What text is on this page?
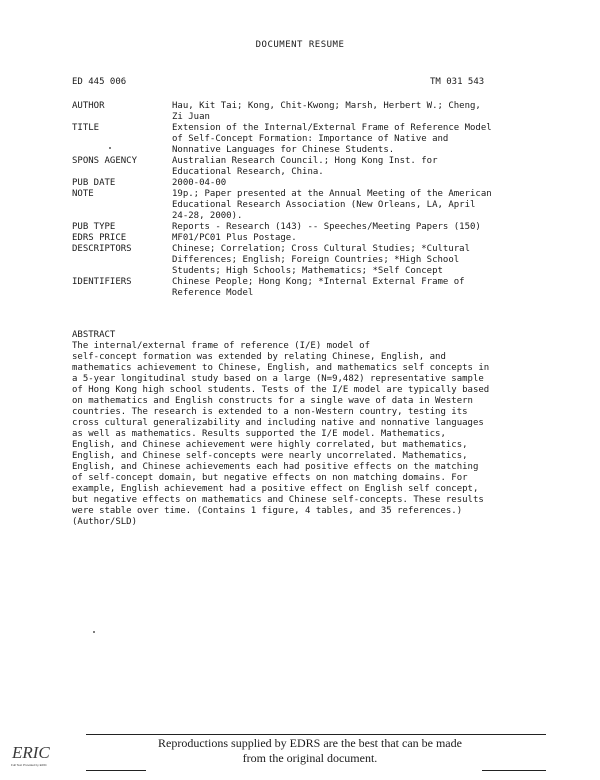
DOCUMENT RESUME
ED 445 006	TM 031 543
AUTHOR	Hau, Kit Tai; Kong, Chit-Kwong; Marsh, Herbert W.; Cheng,
Zi Juan
TITLE	Extension of the Internal/External Frame of Reference Model
of Self-Concept Formation: Importance of Native and
Nonnative Languages for Chinese Students.
SPONS AGENCY	Australian Research Council.; Hong Kong Inst. for
Educational Research, China.
PUB DATE	2000-04-00
NOTE	19p.; Paper presented at the Annual Meeting of the American
Educational Research Association (New Orleans, LA, April
24-28, 2000).
PUB TYPE	Reports - Research (143) -- Speeches/Meeting Papers (150)
EDRS PRICE	MF01/PC01 Plus Postage.
DESCRIPTORS	Chinese; Correlation; Cross Cultural Studies; *Cultural
Differences; English; Foreign Countries; *High School
Students; High Schools; Mathematics; *Self Concept
IDENTIFIERS	Chinese People; Hong Kong; *Internal External Frame of
Reference Model
ABSTRACT
The internal/external frame of reference (I/E) model of
self-concept formation was extended by relating Chinese, English, and
mathematics achievement to Chinese, English, and mathematics self concepts in
a 5-year longitudinal study based on a large (N=9,482) representative sample
of Hong Kong high school students. Tests of the I/E model are typically based
on mathematics and English constructs for a single wave of data in Western
countries. The research is extended to a non-Western country, testing its
cross cultural generalizability and including native and nonnative languages
as well as mathematics. Results supported the I/E model. Mathematics,
English, and Chinese achievement were highly correlated, but mathematics,
English, and Chinese self-concepts were nearly uncorrelated. Mathematics,
English, and Chinese achievements each had positive effects on the matching
of self-concept domain, but negative effects on non matching domains. For
example, English achievement had a positive effect on English self concept,
but negative effects on mathematics and Chinese self-concepts. These results
were stable over time. (Contains 1 figure, 4 tables, and 35 references.)
(Author/SLD)
ERIC
Full Text Provided by ERIC
Reproductions supplied by EDRS are the best that can be made
from the original document.
